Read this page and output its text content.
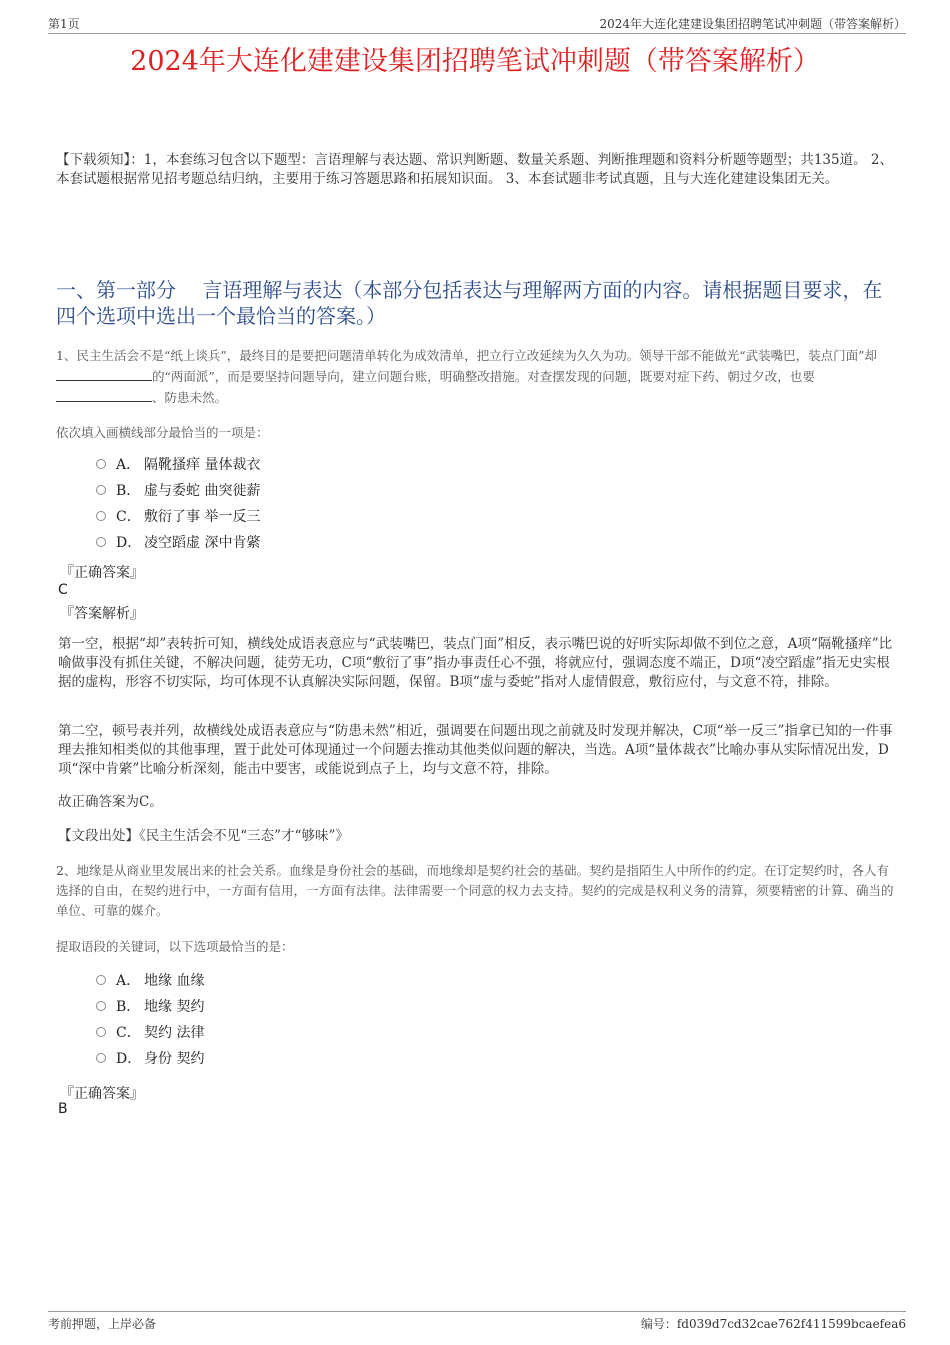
第1页	2024年大连化建建设集团招聘笔试冲刺题（带答案解析）
2024年大连化建建设集团招聘笔试冲刺题（带答案解析）
【下载须知】：1，本套练习包含以下题型：言语理解与表达题、常识判断题、数量关系题、判断推理题和资料分析题等题型；共135道。 2、本套试题根据常见招考题总结归纳，主要用于练习答题思路和拓展知识面。 3、本套试题非考试真题，且与大连化建建设集团无关。
一、第一部分　 言语理解与表达（本部分包括表达与理解两方面的内容。请根据题目要求，在四个选项中选出一个最恰当的答案。）
1、民主生活会不是“纸上谈兵”，最终目的是要把问题清单转化为成效清单，把立行立改延续为久久为功。领导干部不能做光“武装嘴巴，装点门面”却的“两面派”，而是要坚持问题导向，建立问题台账，明确整改措施。对查摆发现的问题，既要对症下药、朝过夕改，也要、防患未然。
依次填入画横线部分最恰当的一项是：
A． 隔靴搔痒 量体裁衣
B． 虚与委蛇 曲突徙薪
C． 敷衍了事 举一反三
D． 凌空蹈虚 深中肯綮
『正确答案』
C
『答案解析』
第一空，根据“却”表转折可知，横线处成语表意应与“武装嘴巴，装点门面”相反，表示嘴巴说的好听实际却做不到位之意，A项“隔靴搔痒”比喻做事没有抓住关键，不解决问题，徒劳无功，C项“敷衍了事”指办事责任心不强，将就应付，强调态度不端正，D项“凌空蹈虚”指无史实根据的虚构，形容不切实际，均可体现不认真解决实际问题，保留。B项“虚与委蛇”指对人虚情假意，敷衍应付，与文意不符，排除。
第二空，顿号表并列，故横线处成语表意应与“防患未然”相近，强调要在问题出现之前就及时发现并解决，C项“举一反三”指拿已知的一件事理去推知相类似的其他事理，置于此处可体现通过一个问题去推动其他类似问题的解决，当选。A项“量体裁衣”比喻办事从实际情况出发，D项“深中肯綮”比喻分析深刻，能击中要害，或能说到点子上，均与文意不符，排除。
故正确答案为C。
【文段出处】《民主生活会不见“三态”才“够味”》
2、地缘是从商业里发展出来的社会关系。血缘是身份社会的基础，而地缘却是契约社会的基础。契约是指陌生人中所作的约定。在订定契约时，各人有选择的自由，在契约进行中，一方面有信用，一方面有法律。法律需要一个同意的权力去支持。契约的完成是权利义务的清算，须要精密的计算、确当的单位、可靠的媒介。
提取语段的关键词，以下选项最恰当的是：
A． 地缘 血缘
B． 地缘 契约
C． 契约 法律
D． 身份 契约
『正确答案』
B
考前押题，上岸必备	编号：fd039d7cd32cae762f411599bcaefea6
